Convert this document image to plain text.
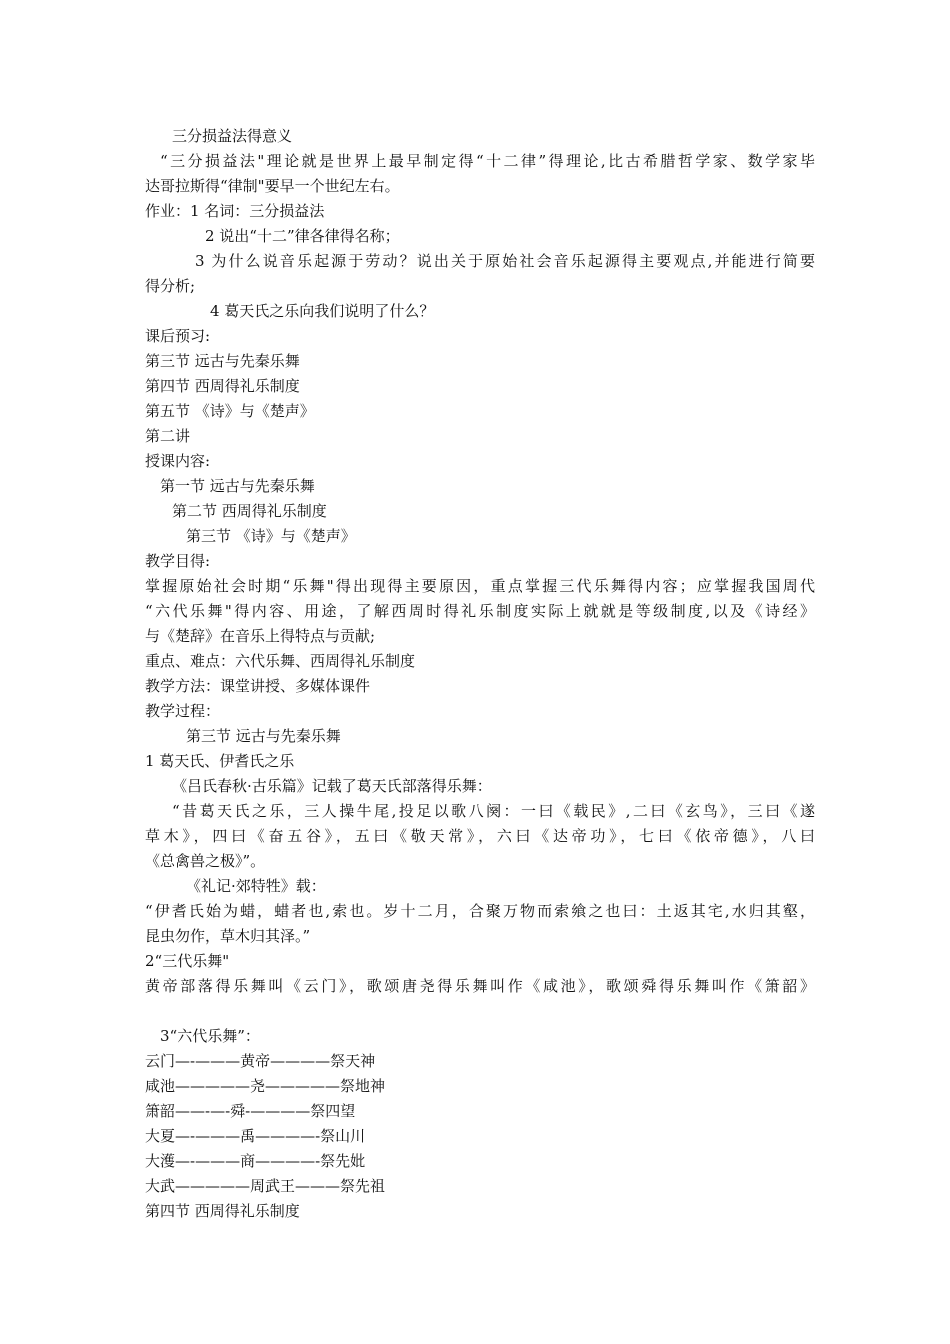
三分损益法得意义
“三分损益法"理论就是世界上最早制定得“十二律”得理论,比古希腊哲学家、数学家毕
达哥拉斯得“律制"要早一个世纪左右。
作业：1 名词：三分损益法
2 说出“十二”律各律得名称；
3 为什么说音乐起源于劳动？说出关于原始社会音乐起源得主要观点,并能进行简要
得分析;
4 葛天氏之乐向我们说明了什么？
课后预习:
第三节 远古与先秦乐舞
第四节 西周得礼乐制度
第五节 《诗》与《楚声》
第二讲
授课内容:
第一节 远古与先秦乐舞
第二节 西周得礼乐制度
第三节 《诗》与《楚声》
教学目得:
掌握原始社会时期“乐舞"得出现得主要原因，重点掌握三代乐舞得内容；应掌握我国周代
“六代乐舞"得内容、用途，了解西周时得礼乐制度实际上就就是等级制度,以及《诗经》
与《楚辞》在音乐上得特点与贡献;
重点、难点：六代乐舞、西周得礼乐制度
教学方法：课堂讲授、多媒体课件
教学过程：
第三节 远古与先秦乐舞
1 葛天氏、伊耆氏之乐
《吕氏春秋·古乐篇》记载了葛天氏部落得乐舞：
“昔葛天氏之乐，三人操牛尾,投足以歌八阕：一曰《载民》,二曰《玄鸟》，三曰《遂
草木》，四曰《奋五谷》，五曰《敬天常》，六曰《达帝功》，七曰《依帝德》，八曰
《总禽兽之极》”。
《礼记·郊特牲》载：
“伊耆氏始为蜡，蜡者也,索也。岁十二月，合聚万物而索飨之也曰：土返其宅,水归其壑，
昆虫勿作，草木归其泽。”
2“三代乐舞"
黄帝部落得乐舞叫《云门》，歌颂唐尧得乐舞叫作《咸池》，歌颂舜得乐舞叫作《箫韶》
3“六代乐舞”：
云门—-———黄帝————祭天神
咸池—————尧—————祭地神
箫韶——-—-舜-————祭四望
大夏—-———禹————-祭山川
大濩—-———商————-祭先妣
大武—————周武王———祭先祖
第四节 西周得礼乐制度
